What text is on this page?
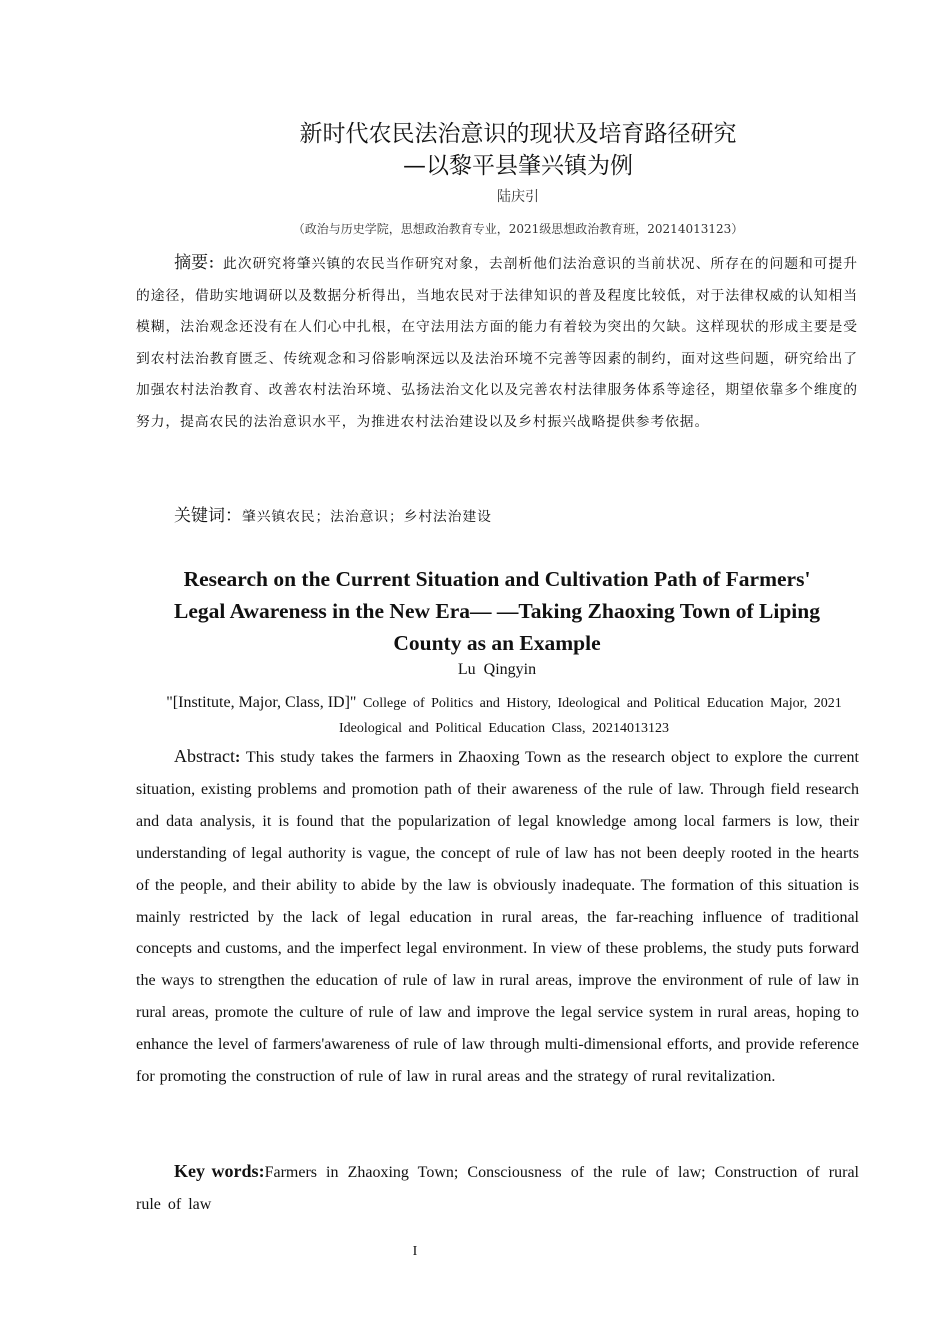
新时代农民法治意识的现状及培育路径研究
—以黎平县肇兴镇为例
陆庆引
（政治与历史学院，思想政治教育专业，2021级思想政治教育班，20214013123）
摘要：此次研究将肇兴镇的农民当作研究对象，去剖析他们法治意识的当前状况、所存在的问题和可提升的途径，借助实地调研以及数据分析得出，当地农民对于法律知识的普及程度比较低，对于法律权威的认知相当模糊，法治观念还没有在人们心中扎根，在守法用法方面的能力有着较为突出的欠缺。这样现状的形成主要是受到农村法治教育匮乏、传统观念和习俗影响深远以及法治环境不完善等因素的制约，面对这些问题，研究给出了加强农村法治教育、改善农村法治环境、弘扬法治文化以及完善农村法律服务体系等途径，期望依靠多个维度的努力，提高农民的法治意识水平，为推进农村法治建设以及乡村振兴战略提供参考依据。
关键词：肇兴镇农民；法治意识；乡村法治建设
Research on the Current Situation and Cultivation Path of Farmers'
Legal Awareness in the New Era— —Taking Zhaoxing Town of Liping
County as an Example
Lu  Qingyin
"[Institute, Major, Class, ID]" College of Politics and History, Ideological and Political Education Major, 2021 Ideological and Political Education Class, 20214013123
Abstract: This study takes the farmers in Zhaoxing Town as the research object to explore the current situation, existing problems and promotion path of their awareness of the rule of law. Through field research and data analysis, it is found that the popularization of legal knowledge among local farmers is low, their understanding of legal authority is vague, the concept of rule of law has not been deeply rooted in the hearts of the people, and their ability to abide by the law is obviously inadequate. The formation of this situation is mainly restricted by the lack of legal education in rural areas, the far-reaching influence of traditional concepts and customs, and the imperfect legal environment. In view of these problems, the study puts forward the ways to strengthen the education of rule of law in rural areas, improve the environment of rule of law in rural areas, promote the culture of rule of law and improve the legal service system in rural areas, hoping to enhance the level of farmers'awareness of rule of law through multi-dimensional efforts, and provide reference for promoting the construction of rule of law in rural areas and the strategy of rural revitalization.
Key words:Farmers in Zhaoxing Town; Consciousness of the rule of law; Construction of rural rule of law
I
